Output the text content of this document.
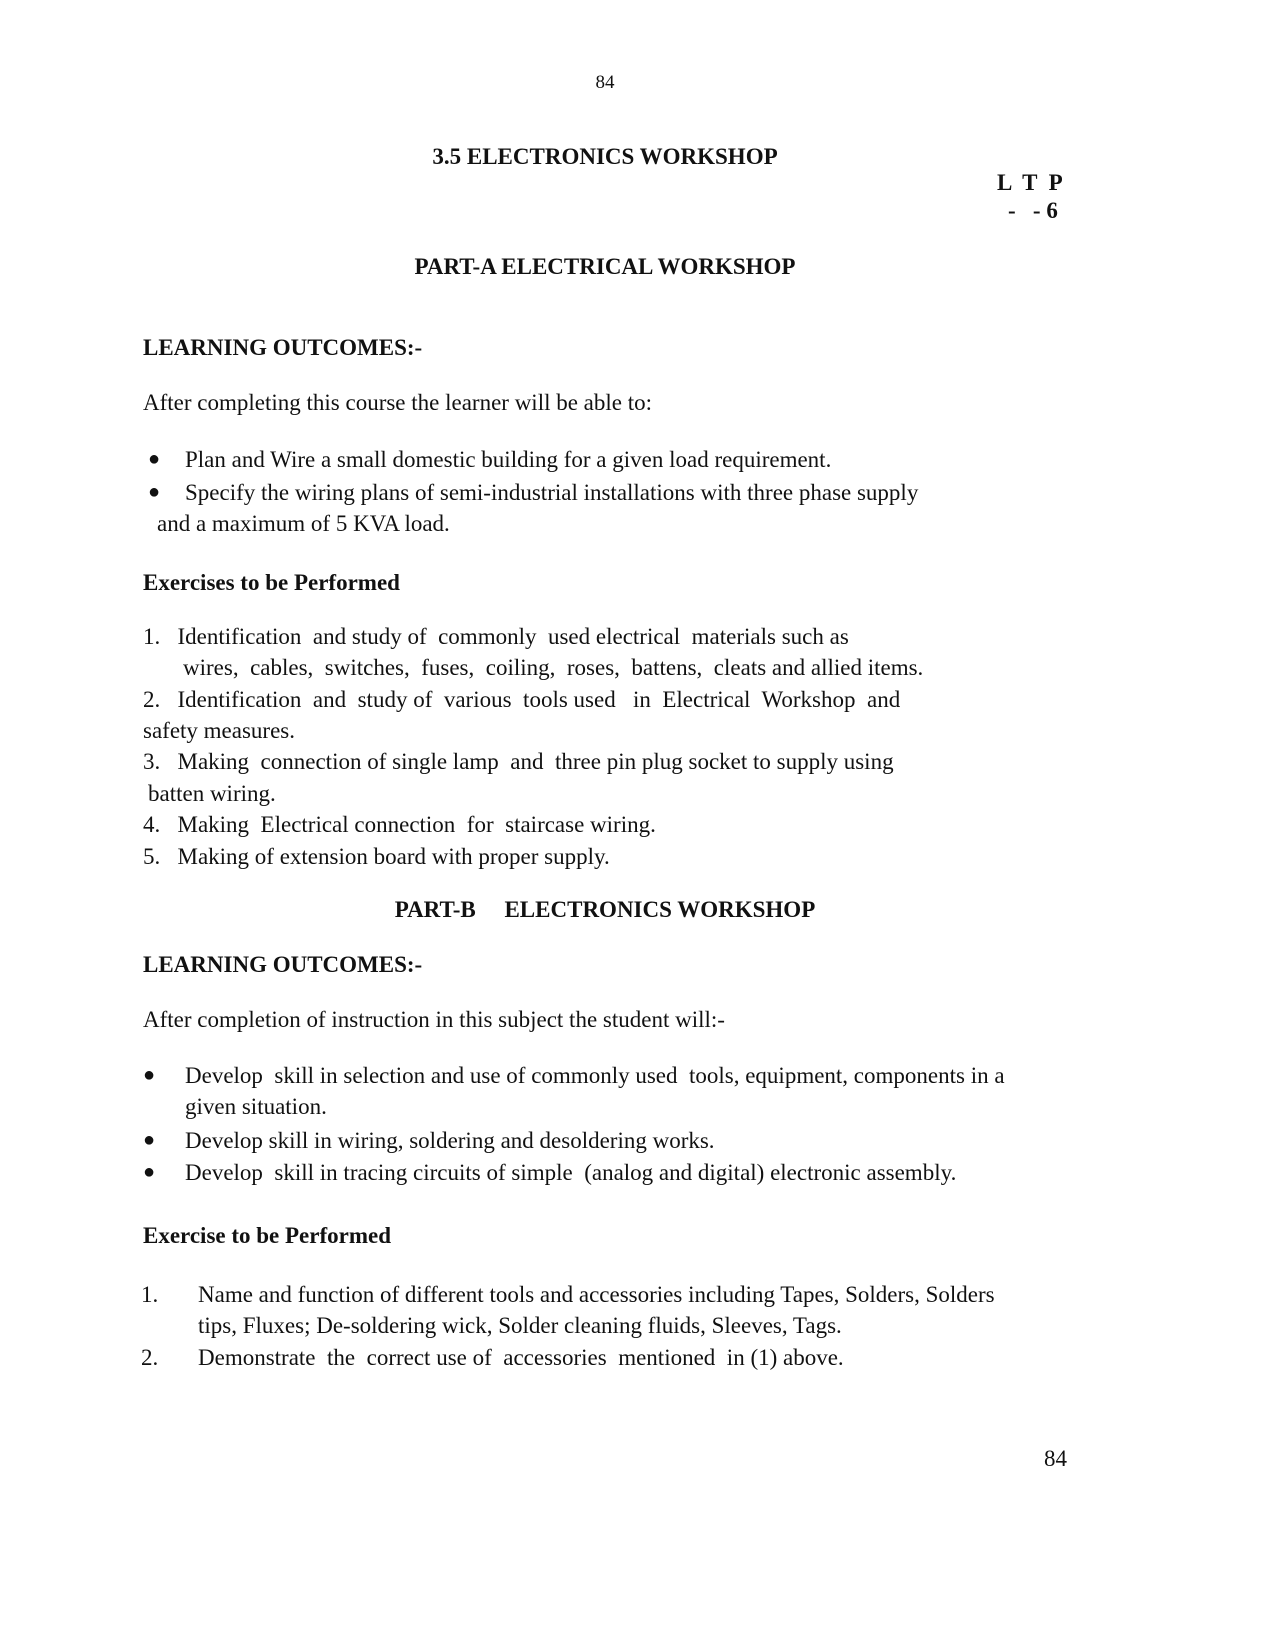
84
3.5 ELECTRONICS WORKSHOP
L  T  P
-   - 6
PART-A ELECTRICAL WORKSHOP
LEARNING OUTCOMES:-
After completing this course the learner will be able to:
● Plan and Wire a small domestic building for a given load requirement.
● Specify the wiring plans of semi-industrial installations with three phase supply
and a maximum of 5 KVA load.
Exercises to be Performed
1.   Identification  and study of  commonly  used electrical  materials such as
wires,  cables,  switches,  fuses,  coiling,  roses,  battens,  cleats and allied items.
2.   Identification  and  study of  various  tools used   in  Electrical  Workshop  and
safety measures.
3.   Making  connection of single lamp  and  three pin plug socket to supply using
batten wiring.
4.   Making  Electrical connection  for  staircase wiring.
5.   Making of extension board with proper supply.
PART-B     ELECTRONICS WORKSHOP
LEARNING OUTCOMES:-
After completion of instruction in this subject the student will:-
● Develop  skill in selection and use of commonly used  tools, equipment, components in a
given situation.
● Develop skill in wiring, soldering and desoldering works.
● Develop  skill in tracing circuits of simple  (analog and digital) electronic assembly.
Exercise to be Performed
1. Name and function of different tools and accessories including Tapes, Solders, Solders
tips, Fluxes; De-soldering wick, Solder cleaning fluids, Sleeves, Tags.
2. Demonstrate  the  correct use of  accessories  mentioned  in (1) above.
84
